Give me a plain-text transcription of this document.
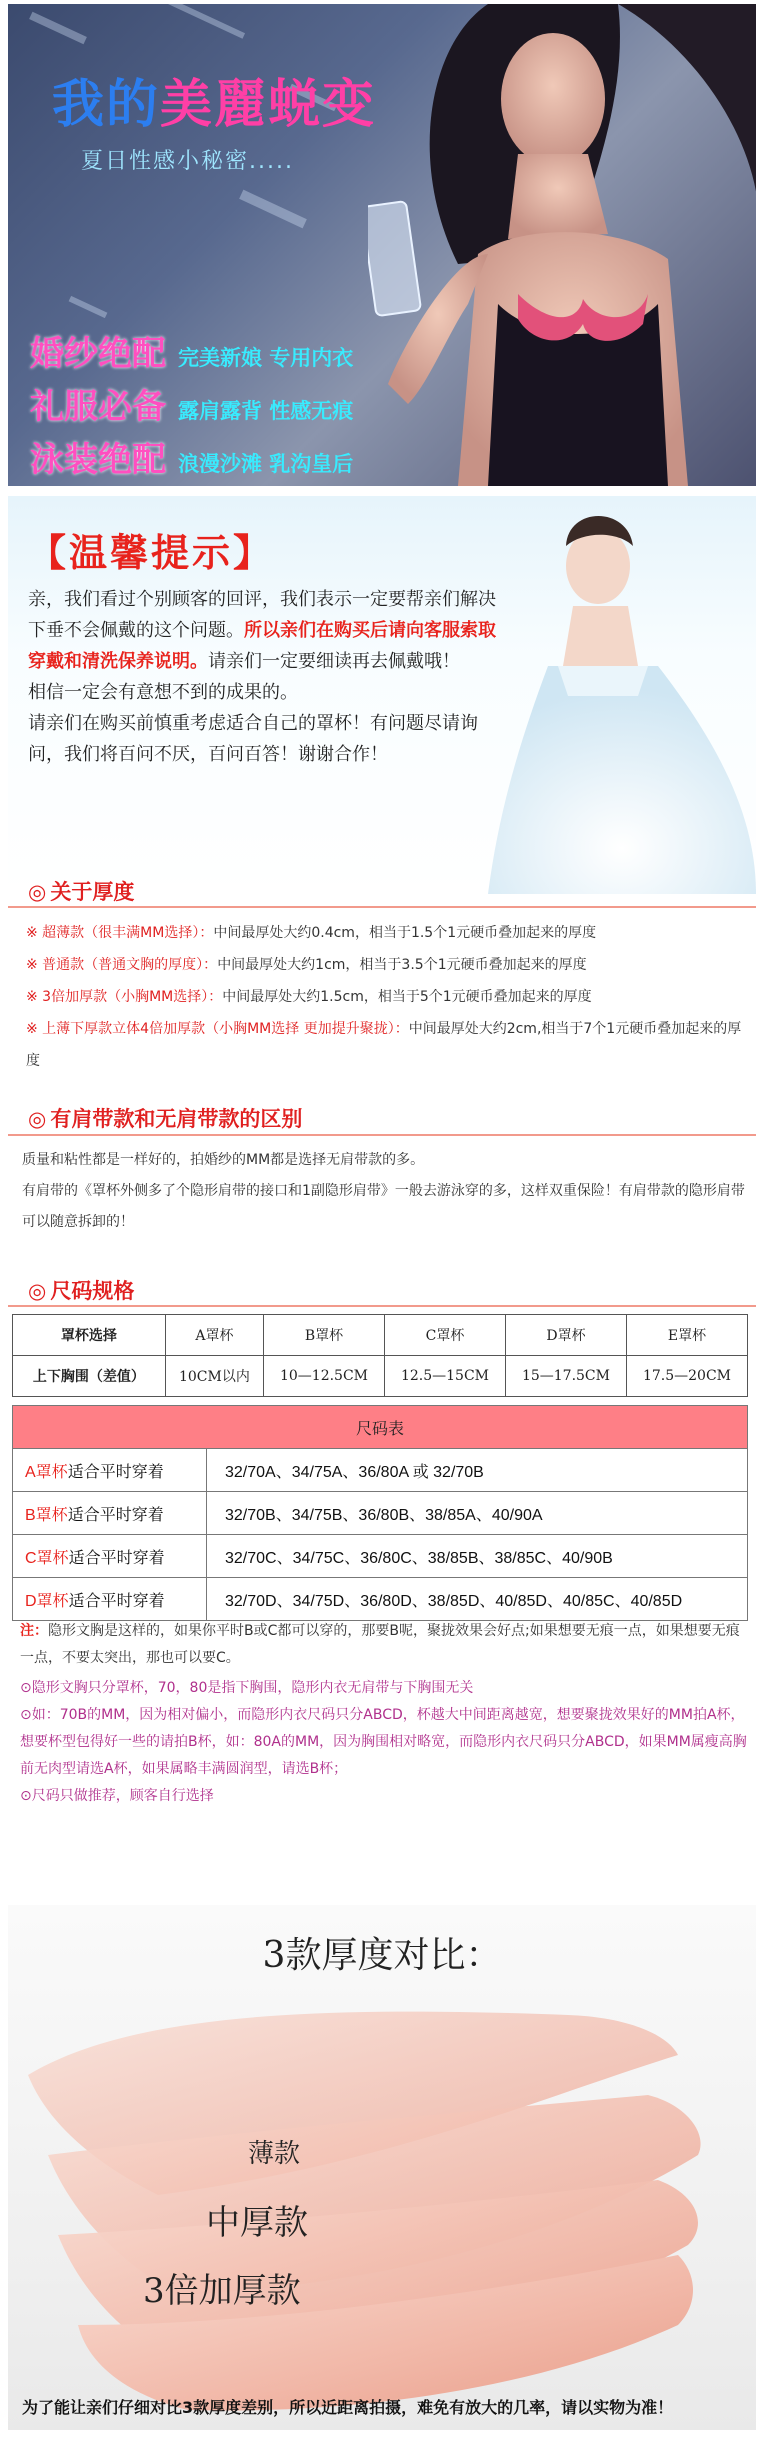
我的美麗蜕变
夏日性感小秘密.....
婚纱绝配 完美新娘 专用内衣
礼服必备 露肩露背 性感无痕
泳装绝配 浪漫沙滩 乳沟皇后
【温馨提示】
亲，我们看过个别顾客的回评，我们表示一定要帮亲们解决下垂不会佩戴的这个问题。所以亲们在购买后请向客服索取穿戴和清洗保养说明。请亲们一定要细读再去佩戴哦！
相信一定会有意想不到的成果的。
请亲们在购买前慎重考虑适合自己的罩杯！有问题尽请询问，我们将百问不厌，百问百答！谢谢合作！
◎ 关于厚度
※ 超薄款（很丰满MM选择）：中间最厚处大约0.4cm，相当于1.5个1元硬币叠加起来的厚度
※ 普通款（普通文胸的厚度）：中间最厚处大约1cm，相当于3.5个1元硬币叠加起来的厚度
※ 3倍加厚款（小胸MM选择）：中间最厚处大约1.5cm，相当于5个1元硬币叠加起来的厚度
※ 上薄下厚款立体4倍加厚款（小胸MM选择 更加提升聚拢）：中间最厚处大约2cm,相当于7个1元硬币叠加起来的厚度
◎ 有肩带款和无肩带款的区别
质量和粘性都是一样好的，拍婚纱的MM都是选择无肩带款的多。
有肩带的《罩杯外侧多了个隐形肩带的接口和1副隐形肩带》一般去游泳穿的多，这样双重保险！有肩带款的隐形肩带可以随意拆卸的！
◎ 尺码规格
罩杯选择	A罩杯	B罩杯	C罩杯	D罩杯	E罩杯
上下胸围（差值）	10CM以内	10—12.5CM	12.5—15CM	15—17.5CM	17.5—20CM
尺码表	
A罩杯适合平时穿着	32/70A、34/75A、36/80A 或 32/70B
B罩杯适合平时穿着	32/70B、34/75B、36/80B、38/85A、40/90A
C罩杯适合平时穿着	32/70C、34/75C、36/80C、38/85B、38/85C、40/90B
D罩杯适合平时穿着	32/70D、34/75D、36/80D、38/85D、40/85D、40/85C、40/85D
注：隐形文胸是这样的，如果你平时B或C都可以穿的，那要B呢，聚拢效果会好点;如果想要无痕一点，如果想要无痕一点，不要太突出，那也可以要C。
⊙隐形文胸只分罩杯，70，80是指下胸围，隐形内衣无肩带与下胸围无关
⊙如：70B的MM，因为相对偏小，而隐形内衣尺码只分ABCD，杯越大中间距离越宽，想要聚拢效果好的MM拍A杯，想要杯型包得好一些的请拍B杯，如：80A的MM，因为胸围相对略宽，而隐形内衣尺码只分ABCD，如果MM属瘦高胸前无肉型请选A杯，如果属略丰满圆润型，请选B杯；
⊙尺码只做推荐，顾客自行选择
3款厚度对比：
薄款
中厚款
3倍加厚款
为了能让亲们仔细对比3款厚度差别，所以近距离拍摄，难免有放大的几率，请以实物为准！
